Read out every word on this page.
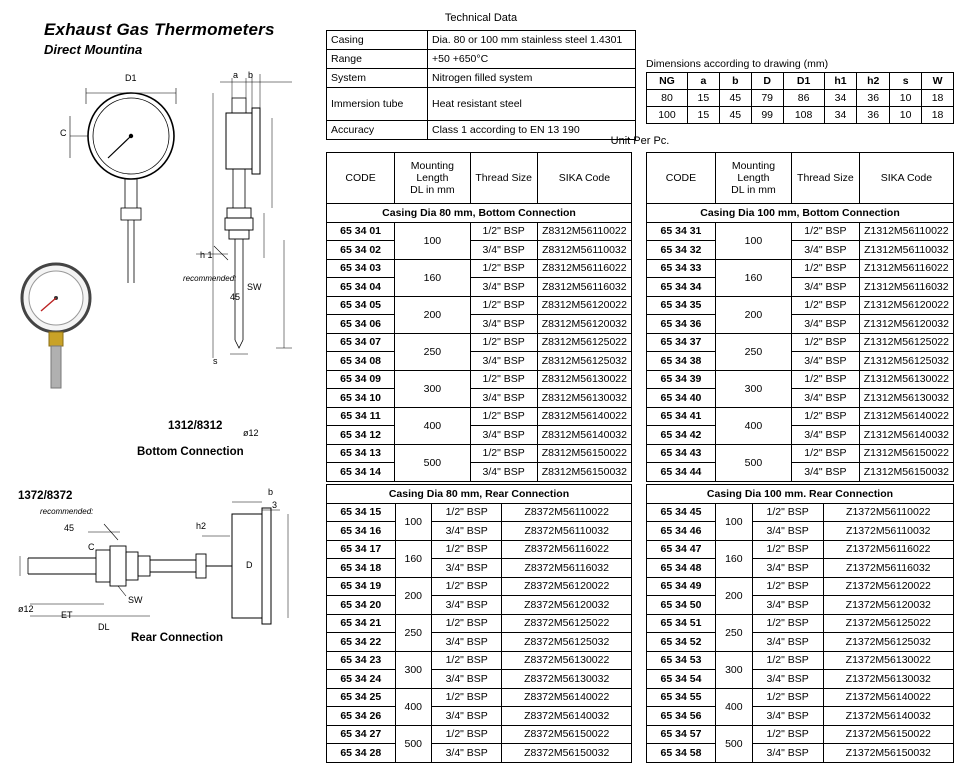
Exhaust Gas Thermometers
Direct Mountina
D1
C
b
a
h 1
recommended:
45
SW
s
ø12
1312/8312
Bottom Connection
1372/8372
recommended:
45	h2
b
3
D
ET
DL
ø12
SW
C
Rear Connection
Technical Data
Casing	Dia. 80 or 100 mm stainless steel 1.4301
Range	+50 +650°C
System	Nitrogen filled system
Immersion tube	Heat resistant steel
Accuracy	Class 1 according to EN 13 190
Dimensions according to drawing (mm)
NG	a	b	D	D1	h1	h2	s	W
80	15	45	79	86	34	36	10	18
100	15	45	99	108	34	36	10	18
Unit Per Pc.
CODE	Mounting
Length
DL in mm	Thread Size	SIKA Code
Casing Dia 80 mm, Bottom Connection			
65 34 01	100	1/2" BSP	Z8312M56110022
65 34 02		3/4" BSP	Z8312M56110032
65 34 03	160	1/2" BSP	Z8312M56116022
65 34 04		3/4" BSP	Z8312M56116032
65 34 05	200	1/2" BSP	Z8312M56120022
65 34 06		3/4" BSP	Z8312M56120032
65 34 07	250	1/2" BSP	Z8312M56125022
65 34 08		3/4" BSP	Z8312M56125032
65 34 09	300	1/2" BSP	Z8312M56130022
65 34 10		3/4" BSP	Z8312M56130032
65 34 11	400	1/2" BSP	Z8312M56140022
65 34 12		3/4" BSP	Z8312M56140032
65 34 13	500	1/2" BSP	Z8312M56150022
65 34 14		3/4" BSP	Z8312M56150032
CODE	Mounting
Length
DL in mm	Thread Size	SIKA Code
Casing Dia 100 mm, Bottom Connection			
65 34 31	100	1/2" BSP	Z1312M56110022
65 34 32		3/4" BSP	Z1312M56110032
65 34 33	160	1/2" BSP	Z1312M56116022
65 34 34		3/4" BSP	Z1312M56116032
65 34 35	200	1/2" BSP	Z1312M56120022
65 34 36		3/4" BSP	Z1312M56120032
65 34 37	250	1/2" BSP	Z1312M56125022
65 34 38		3/4" BSP	Z1312M56125032
65 34 39	300	1/2" BSP	Z1312M56130022
65 34 40		3/4" BSP	Z1312M56130032
65 34 41	400	1/2" BSP	Z1312M56140022
65 34 42		3/4" BSP	Z1312M56140032
65 34 43	500	1/2" BSP	Z1312M56150022
65 34 44		3/4" BSP	Z1312M56150032
Casing Dia 80 mm, Rear Connection			
65 34 15	100	1/2" BSP	Z8372M56110022
65 34 16		3/4" BSP	Z8372M56110032
65 34 17	160	1/2" BSP	Z8372M56116022
65 34 18		3/4" BSP	Z8372M56116032
65 34 19	200	1/2" BSP	Z8372M56120022
65 34 20		3/4" BSP	Z8372M56120032
65 34 21	250	1/2" BSP	Z8372M56125022
65 34 22		3/4" BSP	Z8372M56125032
65 34 23	300	1/2" BSP	Z8372M56130022
65 34 24		3/4" BSP	Z8372M56130032
65 34 25	400	1/2" BSP	Z8372M56140022
65 34 26		3/4" BSP	Z8372M56140032
65 34 27	500	1/2" BSP	Z8372M56150022
65 34 28		3/4" BSP	Z8372M56150032
Casing Dia 100 mm. Rear Connection			
65 34 45	100	1/2" BSP	Z1372M56110022
65 34 46		3/4" BSP	Z1372M56110032
65 34 47	160	1/2" BSP	Z1372M56116022
65 34 48		3/4" BSP	Z1372M56116032
65 34 49	200	1/2" BSP	Z1372M56120022
65 34 50		3/4" BSP	Z1372M56120032
65 34 51	250	1/2" BSP	Z1372M56125022
65 34 52		3/4" BSP	Z1372M56125032
65 34 53	300	1/2" BSP	Z1372M56130022
65 34 54		3/4" BSP	Z1372M56130032
65 34 55	400	1/2" BSP	Z1372M56140022
65 34 56		3/4" BSP	Z1372M56140032
65 34 57	500	1/2" BSP	Z1372M56150022
65 34 58		3/4" BSP	Z1372M56150032
